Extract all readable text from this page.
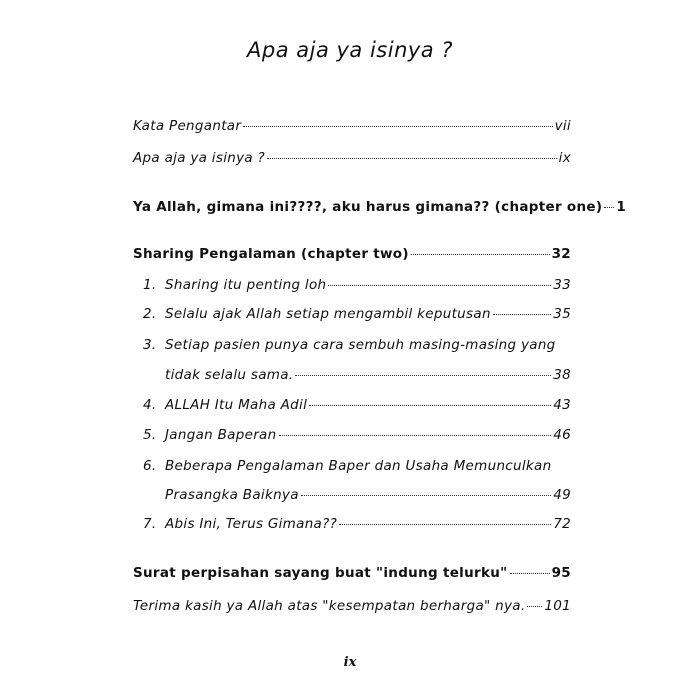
Apa aja ya isinya ?
Kata Pengantar	vii
Apa aja ya isinya ?	ix
Ya Allah, gimana ini????, aku harus gimana?? (chapter one) 1
Sharing Pengalaman (chapter two)	32
1. Sharing itu penting loh	33
2. Selalu ajak Allah setiap mengambil keputusan	35
3. Setiap pasien punya cara sembuh masing-masing yang
tidak selalu sama.	38
4. ALLAH Itu Maha Adil	43
5. Jangan Baperan	46
6. Beberapa Pengalaman Baper dan Usaha Memunculkan
Prasangka Baiknya	49
7. Abis Ini, Terus Gimana??	72
Surat perpisahan sayang buat "indung telurku"	95
Terima kasih ya Allah atas "kesempatan berharga" nya. 101
ix
